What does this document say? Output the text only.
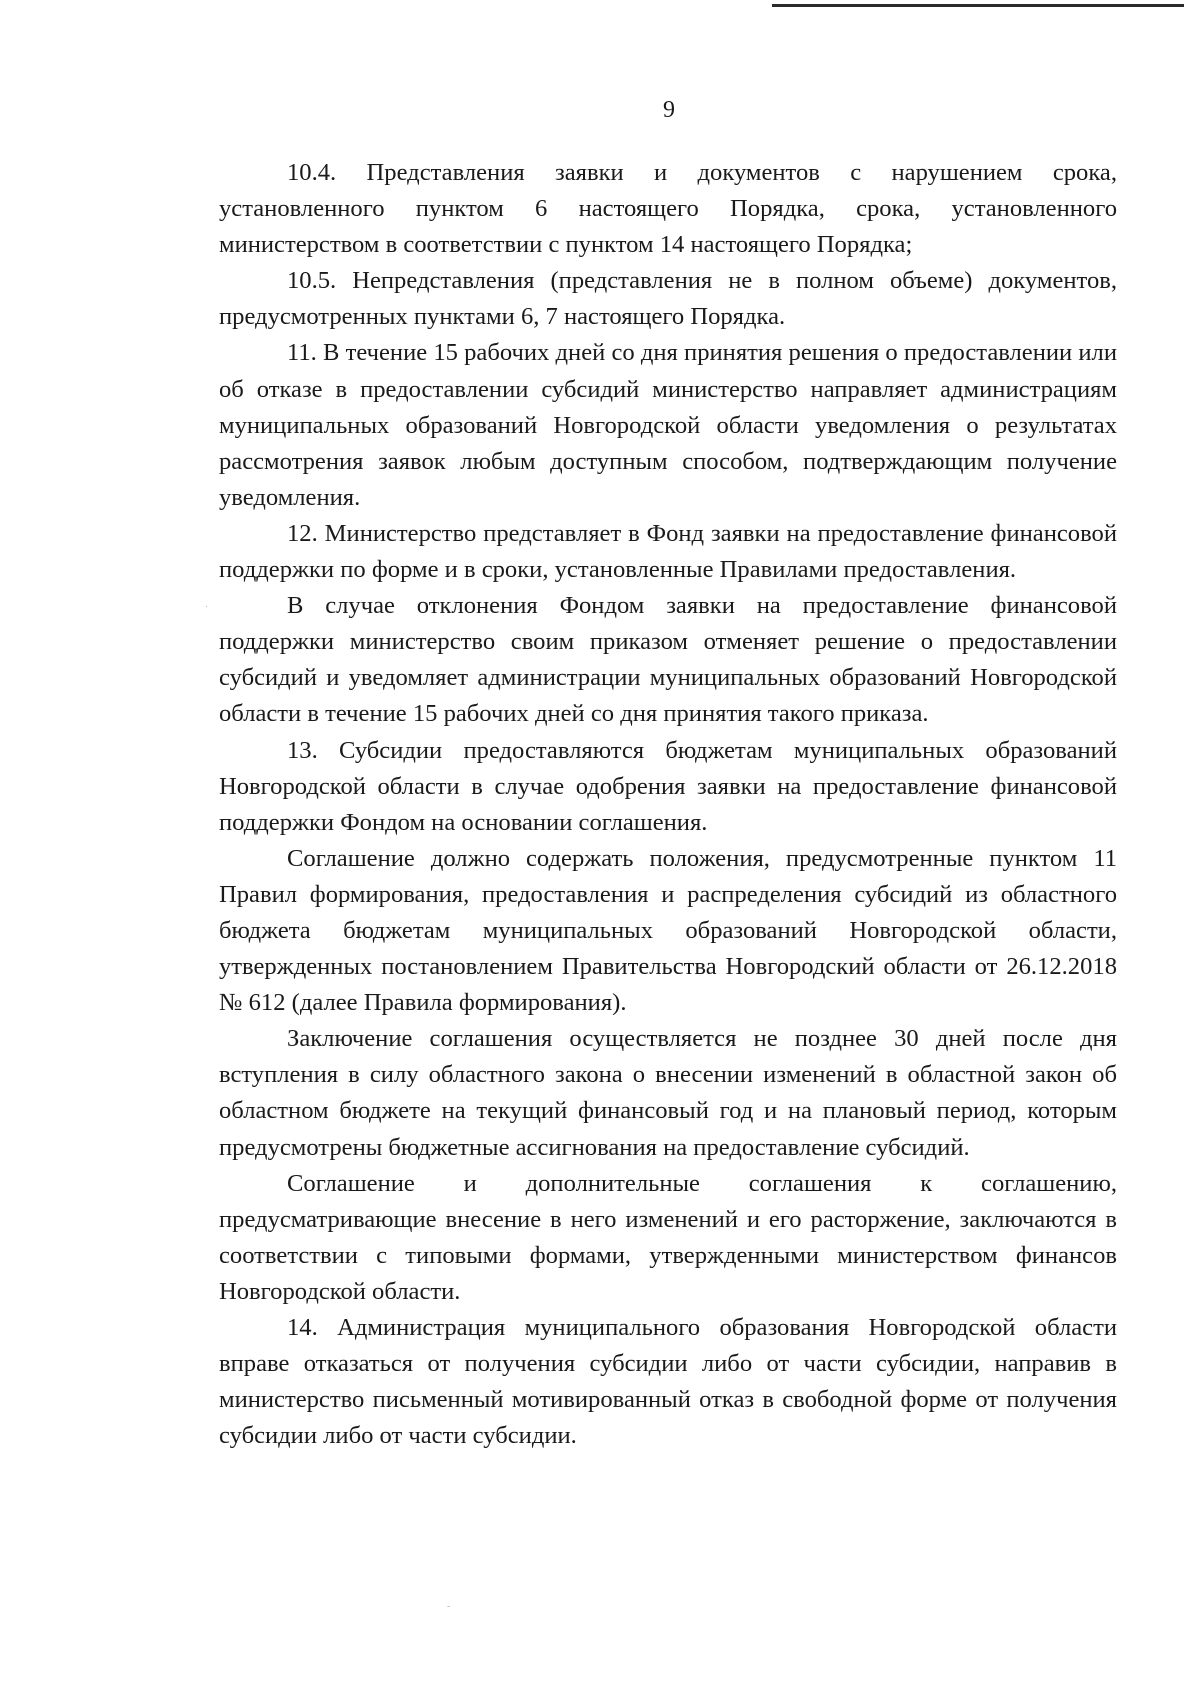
9

10.4. Представления заявки и документов с нарушением срока, установленного пунктом 6 настоящего Порядка, срока, установленного министерством в соответствии с пунктом 14 настоящего Порядка;

10.5. Непредставления (представления не в полном объеме) документов, предусмотренных пунктами 6, 7 настоящего Порядка.

11. В течение 15 рабочих дней со дня принятия решения о предоставлении или об отказе в предоставлении субсидий министерство направляет администрациям муниципальных образований Новгородской области уведомления о результатах рассмотрения заявок любым доступным способом, подтверждающим получение уведомления.

12. Министерство представляет в Фонд заявки на предоставление финансовой поддержки по форме и в сроки, установленные Правилами предоставления.

В случае отклонения Фондом заявки на предоставление финансовой поддержки министерство своим приказом отменяет решение о предоставлении субсидий и уведомляет администрации муниципальных образований Новгородской области в течение 15 рабочих дней со дня принятия такого приказа.

13. Субсидии предоставляются бюджетам муниципальных образований Новгородской области в случае одобрения заявки на предоставление финансовой поддержки Фондом на основании соглашения.

Соглашение должно содержать положения, предусмотренные пунктом 11 Правил формирования, предоставления и распределения субсидий из областного бюджета бюджетам муниципальных образований Новгородской области, утвержденных постановлением Правительства Новгородский области от 26.12.2018 № 612 (далее Правила формирования).

Заключение соглашения осуществляется не позднее 30 дней после дня вступления в силу областного закона о внесении изменений в областной закон об областном бюджете на текущий финансовый год и на плановый период, которым предусмотрены бюджетные ассигнования на предоставление субсидий.

Соглашение и дополнительные соглашения к соглашению, предусматривающие внесение в него изменений и его расторжение, заключаются в соответствии с типовыми формами, утвержденными министерством финансов Новгородской области.

14. Администрация муниципального образования Новгородской области вправе отказаться от получения субсидии либо от части субсидии, направив в министерство письменный мотивированный отказ в свободной форме от получения субсидии либо от части субсидии.

·
-
